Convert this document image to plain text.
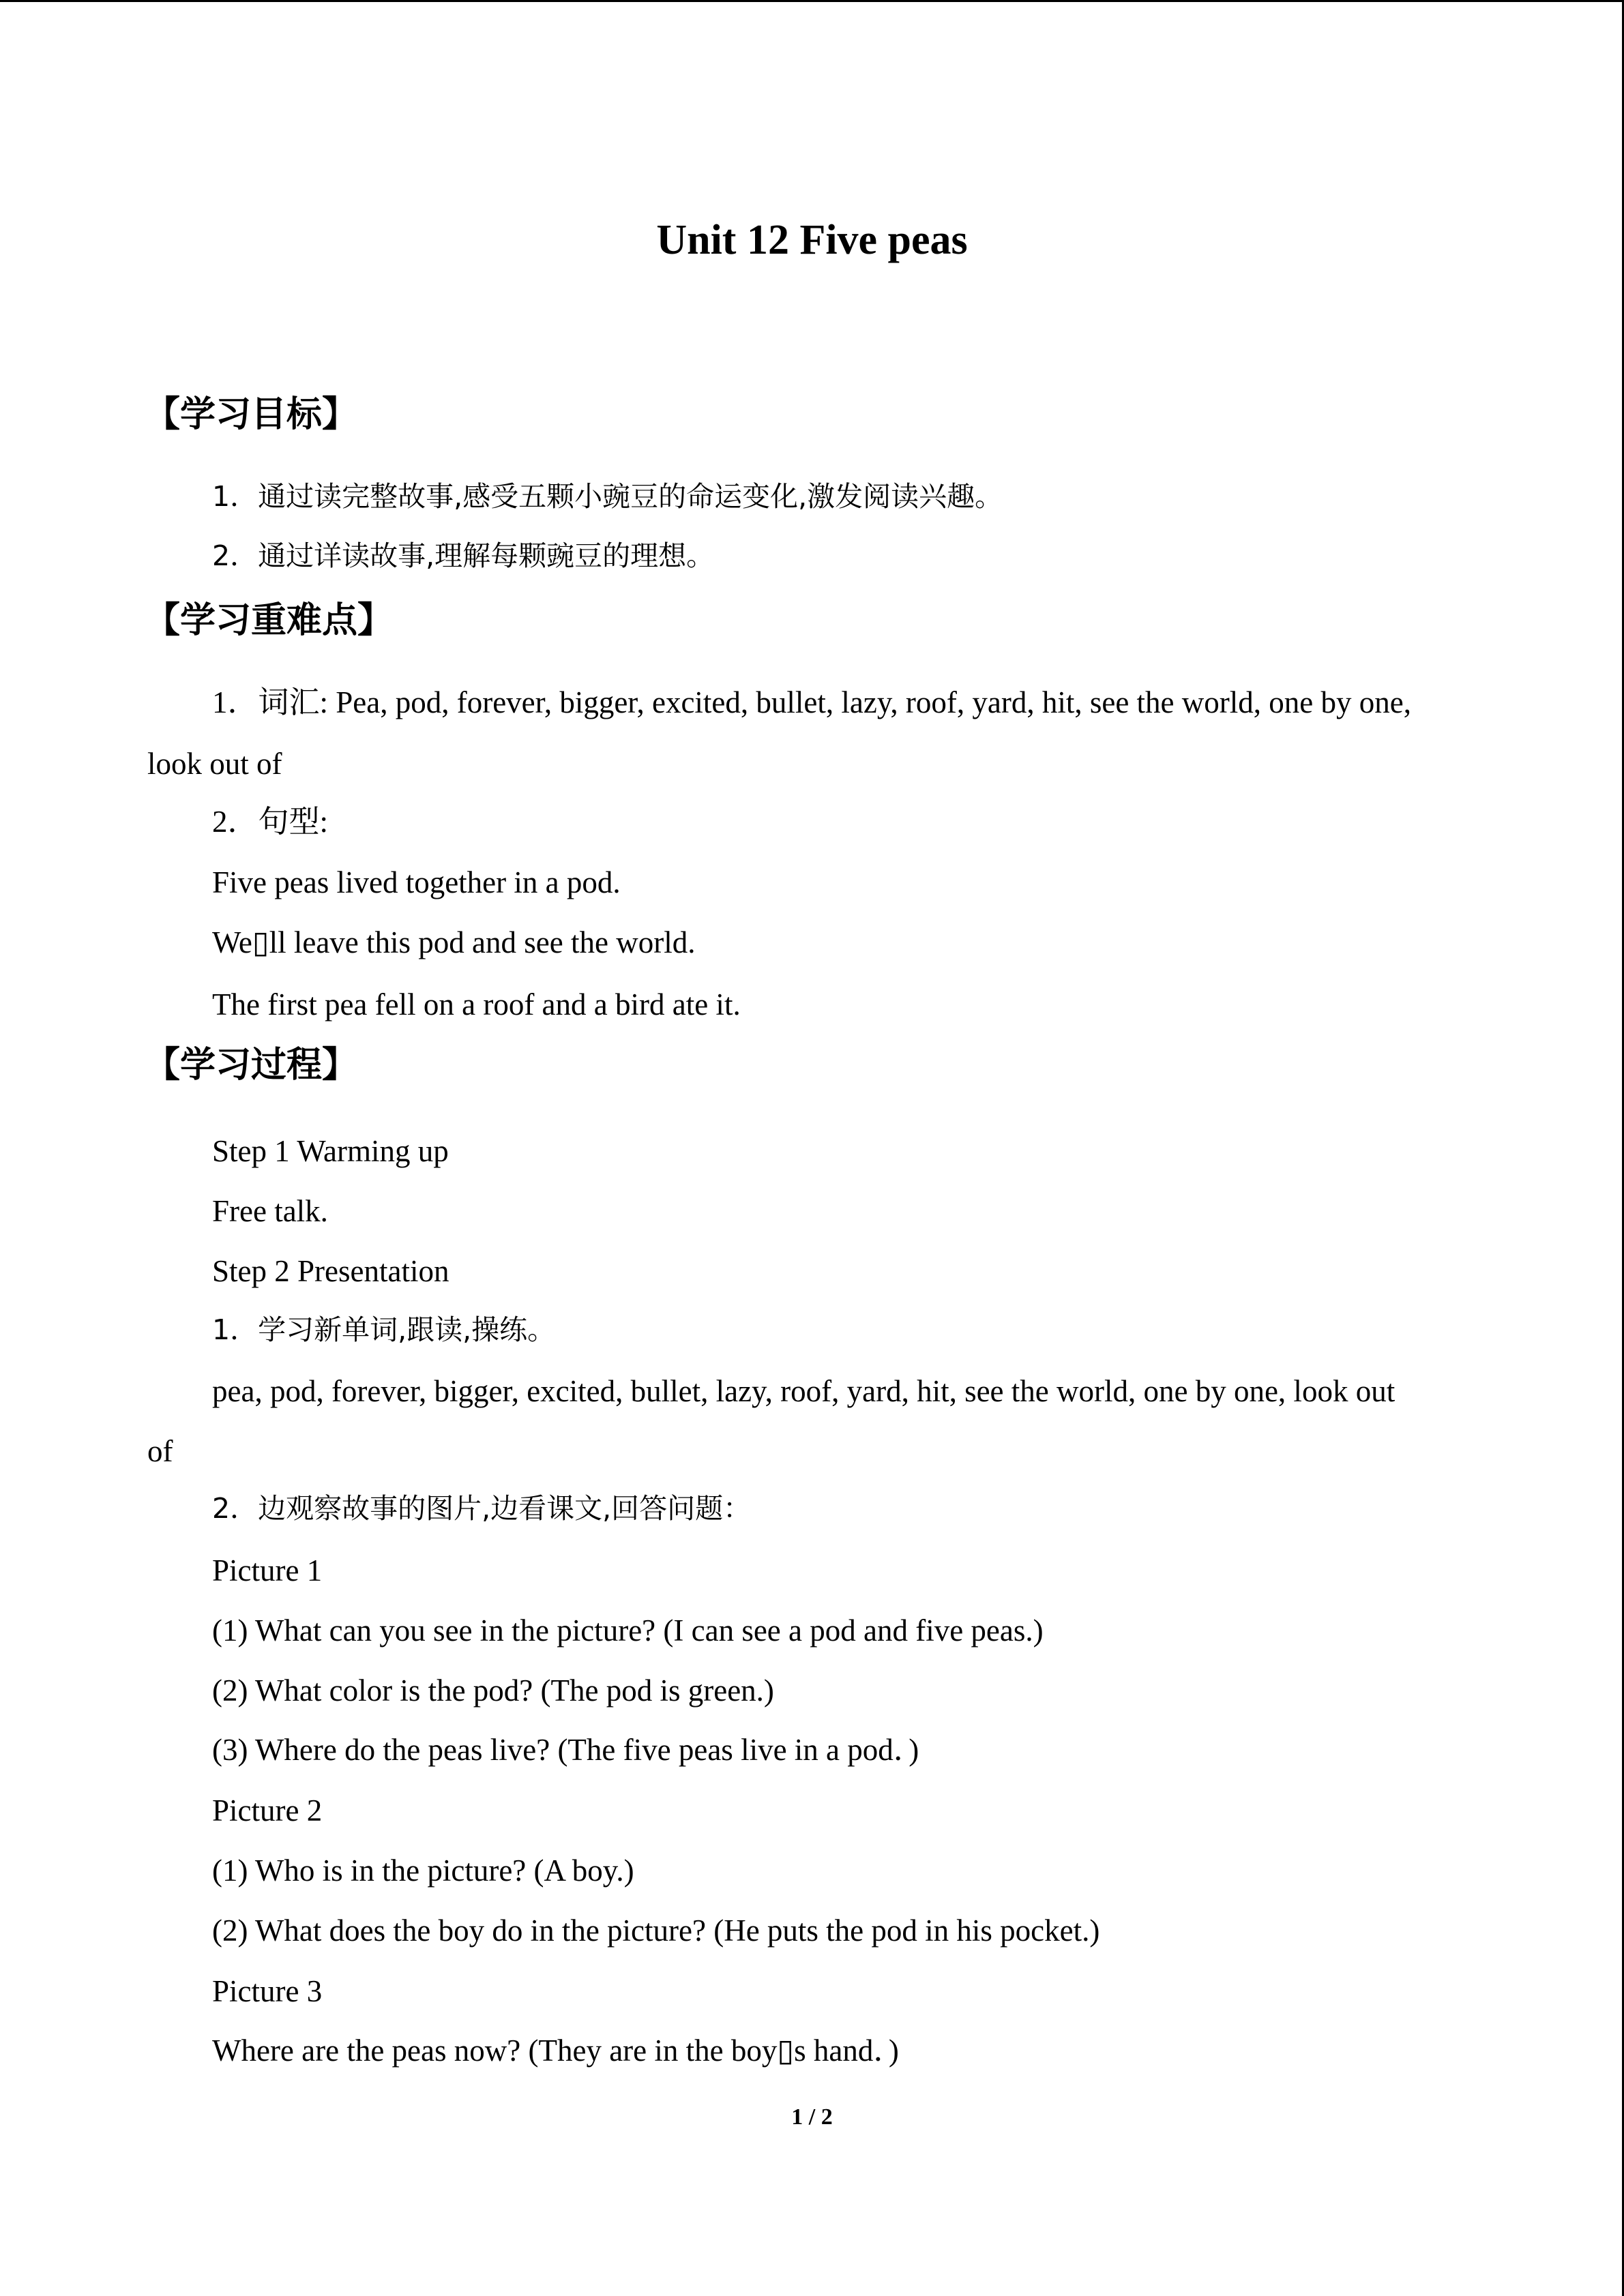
Unit 12 Five peas
【学习目标】
1．通过读完整故事,感受五颗小豌豆的命运变化,激发阅读兴趣。
2．通过详读故事,理解每颗豌豆的理想。
【学习重难点】
1．词汇: Pea, pod, forever, bigger, excited, bullet, lazy, roof, yard, hit, see the world, one by one,
look out of
2．句型:
Five peas lived together in a pod.
We▯ll leave this pod and see the world.
The first pea fell on a roof and a bird ate it.
【学习过程】
Step 1 Warming up
Free talk.
Step 2 Presentation
1．学习新单词,跟读,操练。
pea, pod, forever, bigger, excited, bullet, lazy, roof, yard, hit, see the world, one by one, look out
of
2．边观察故事的图片,边看课文,回答问题：
Picture 1
(1) What can you see in the picture? (I can see a pod and five peas.)
(2) What color is the pod? (The pod is green.)
(3) Where do the peas live? (The five peas live in a pod．)
Picture 2
(1) Who is in the picture? (A boy.)
(2) What does the boy do in the picture? (He puts the pod in his pocket.)
Picture 3
Where are the peas now? (They are in the boy▯s hand．)
1 / 2
